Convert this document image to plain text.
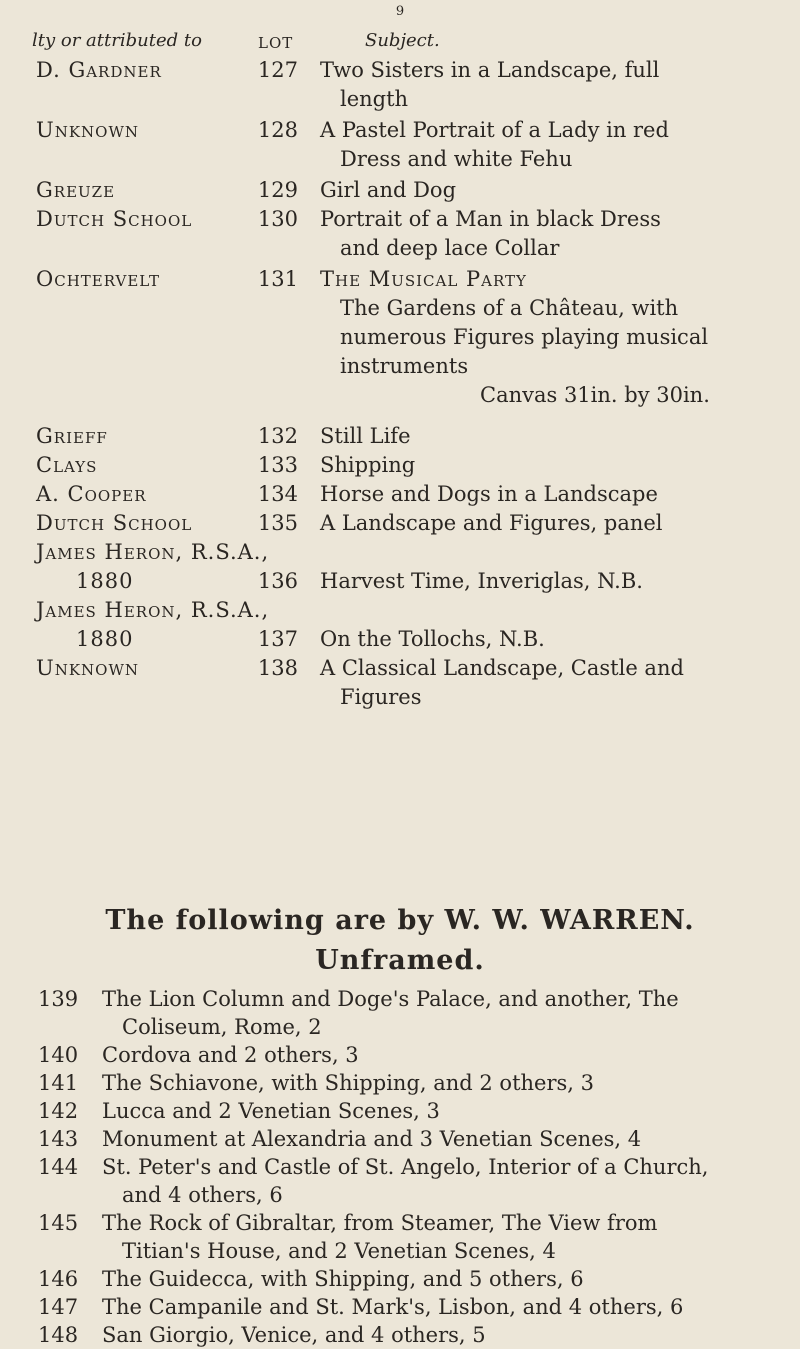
9
lty or attributed to	LOT	Subject.
D. Gardner	127 Two Sisters in a Landscape, full
length
Unknown	128 A Pastel Portrait of a Lady in red
Dress and white Fehu
Greuze	129 Girl and Dog
Dutch School	130 Portrait of a Man in black Dress
and deep lace Collar
Ochtervelt	131 The Musical Party
The Gardens of a Château, with numerous Figures playing musical instruments
Canvas 31in. by 30in.
Grieff	132 Still Life
Clays	133 Shipping
A. Cooper	134 Horse and Dogs in a Landscape
Dutch School	135 A Landscape and Figures, panel
James Heron, R.S.A.,
1880	136 Harvest Time, Inveriglas, N.B.
James Heron, R.S.A.,
1880	137 On the Tollochs, N.B.
Unknown	138 A Classical Landscape, Castle and
Figures
The following are by W. W. WARREN.
Unframed.
139	The Lion Column and Doge's Palace, and another, The
Coliseum, Rome, 2
140	Cordova and 2 others, 3
141	The Schiavone, with Shipping, and 2 others, 3
142	Lucca and 2 Venetian Scenes, 3
143	Monument at Alexandria and 3 Venetian Scenes, 4
144	St. Peter's and Castle of St. Angelo, Interior of a Church,
and 4 others, 6
145	The Rock of Gibraltar, from Steamer, The View from
Titian's House, and 2 Venetian Scenes, 4
146	The Guidecca, with Shipping, and 5 others, 6
147	The Campanile and St. Mark's, Lisbon, and 4 others, 6
148	San Giorgio, Venice, and 4 others, 5
